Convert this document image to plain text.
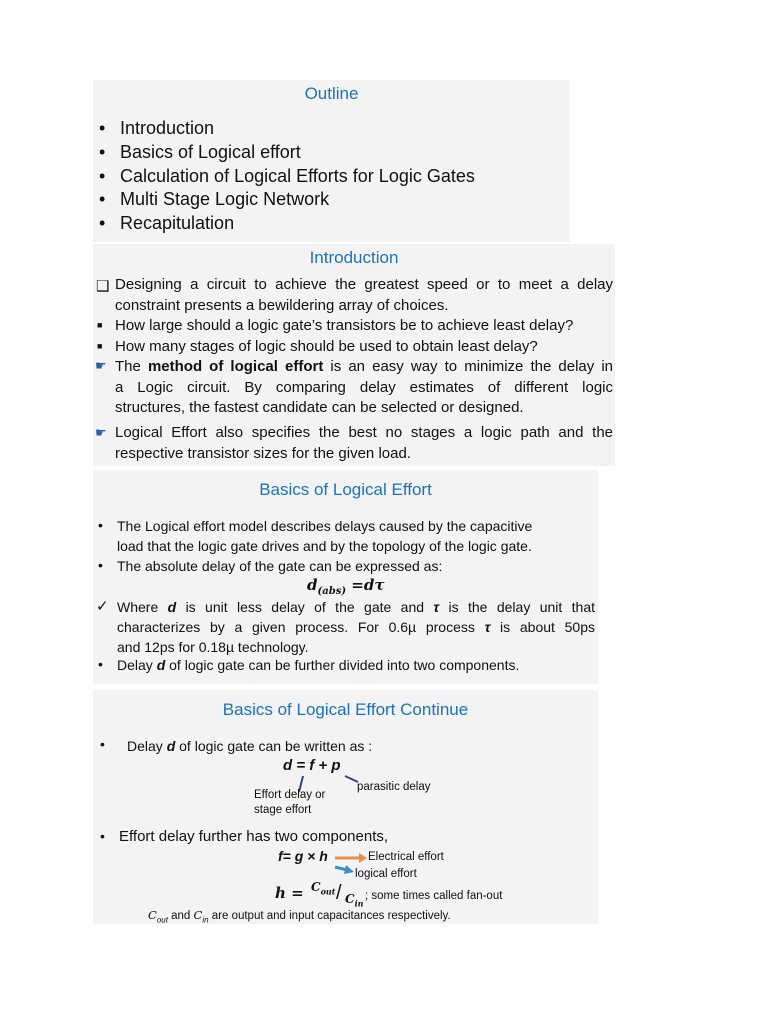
Outline
• Introduction
• Basics of Logical effort
• Calculation of Logical Efforts for Logic Gates
• Multi Stage Logic Network
• Recapitulation
Introduction
❑ Designing a circuit to achieve the greatest speed or to meet a delay
constraint presents a bewildering array of choices.
■ How large should a logic gate’s transistors be to achieve least delay?
■ How many stages of logic should be used to obtain least delay?
☛ The method of logical effort is an easy way to minimize the delay in
a Logic circuit. By comparing delay estimates of different logic
structures, the fastest candidate can be selected or designed.
☛ Logical Effort also specifies the best no stages a logic path and the
respective transistor sizes for the given load.
Basics of Logical Effort
• The Logical effort model describes delays caused by the capacitive
load that the logic gate drives and by the topology of the logic gate.
• The absolute delay of the gate can be expressed as:
$d_{(abs)} =d\tau$
✓ Where d is unit less delay of the gate and τ is the delay unit that
characterizes by a given process. For 0.6µ process τ is about 50ps
and 12ps for 0.18µ technology.
• Delay d of logic gate can be further divided into two components.
Basics of Logical Effort Continue
• Delay d of logic gate can be written as :
d = f + p
parasitic delay
Effort delay or
stage effort
• Effort delay further has two components,
f= g × h	Electrical effort
logical effort
$h = C_{out} / C_{in}$
; some times called fan-out
$C_{out}$ and $C_{in}$ are output and input capacitances respectively.
